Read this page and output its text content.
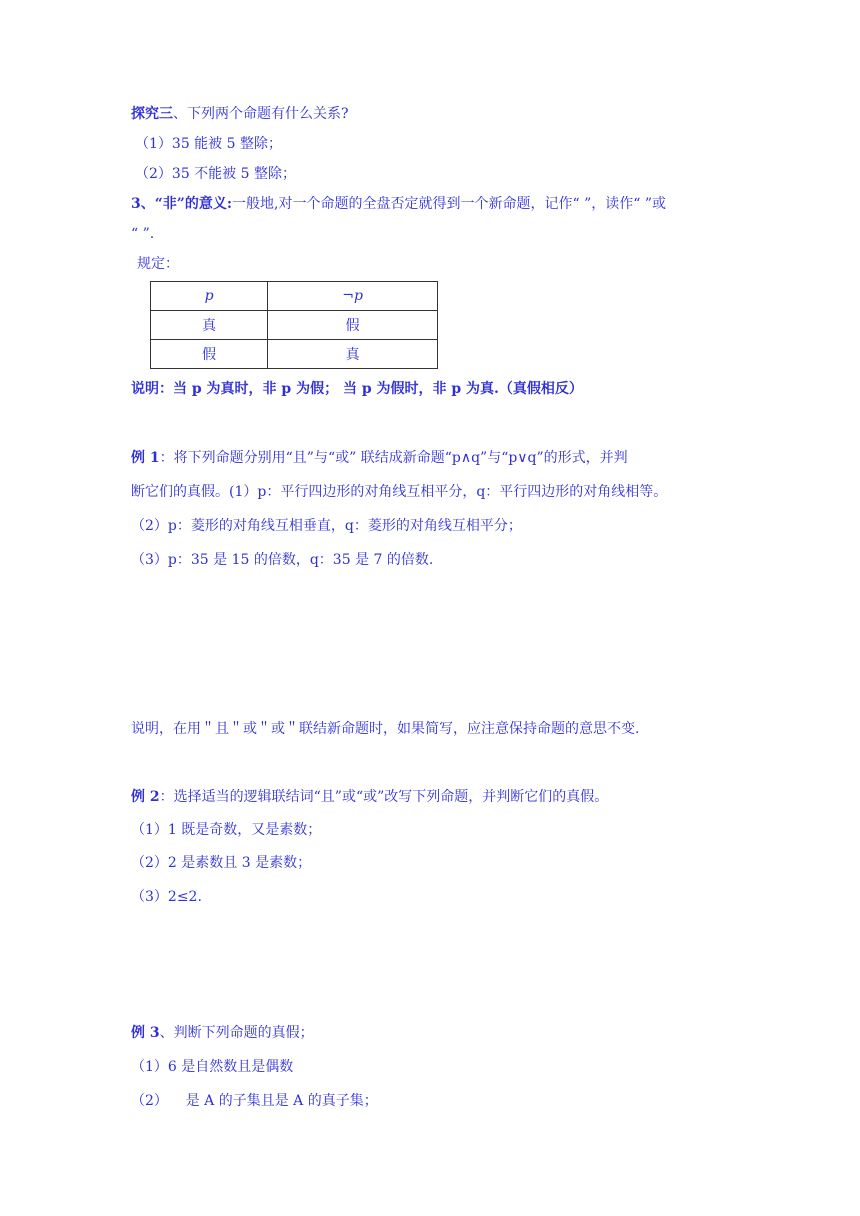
探究三、下列两个命题有什么关系?
（1）35 能被 5 整除；
（2）35 不能被 5 整除；
3、“非”的意义:一般地,对一个命题的全盘否定就得到一个新命题，记作“ ”，读作“ ”或
“ ”.
规定：
p	¬p
真	假
假	真
说明：当 p 为真时，非 p 为假； 当 p 为假时，非 p 为真.（真假相反）
例 1：将下列命题分别用“且”与“或” 联结成新命题“p∧q”与“p∨q”的形式，并判
断它们的真假。(1）p：平行四边形的对角线互相平分，q：平行四边形的对角线相等。
（2）p：菱形的对角线互相垂直，q：菱形的对角线互相平分；
（3）p：35 是 15 的倍数，q：35 是 7 的倍数.
说明，在用＂且＂或＂或＂联结新命题时，如果简写，应注意保持命题的意思不变.
例 2：选择适当的逻辑联结词“且”或“或”改写下列命题，并判断它们的真假。
（1）1 既是奇数，又是素数；
（2）2 是素数且 3 是素数；
（3）2≤2.
例 3、判断下列命题的真假；
（1）6 是自然数且是偶数
（2）    是 A 的子集且是 A 的真子集；
